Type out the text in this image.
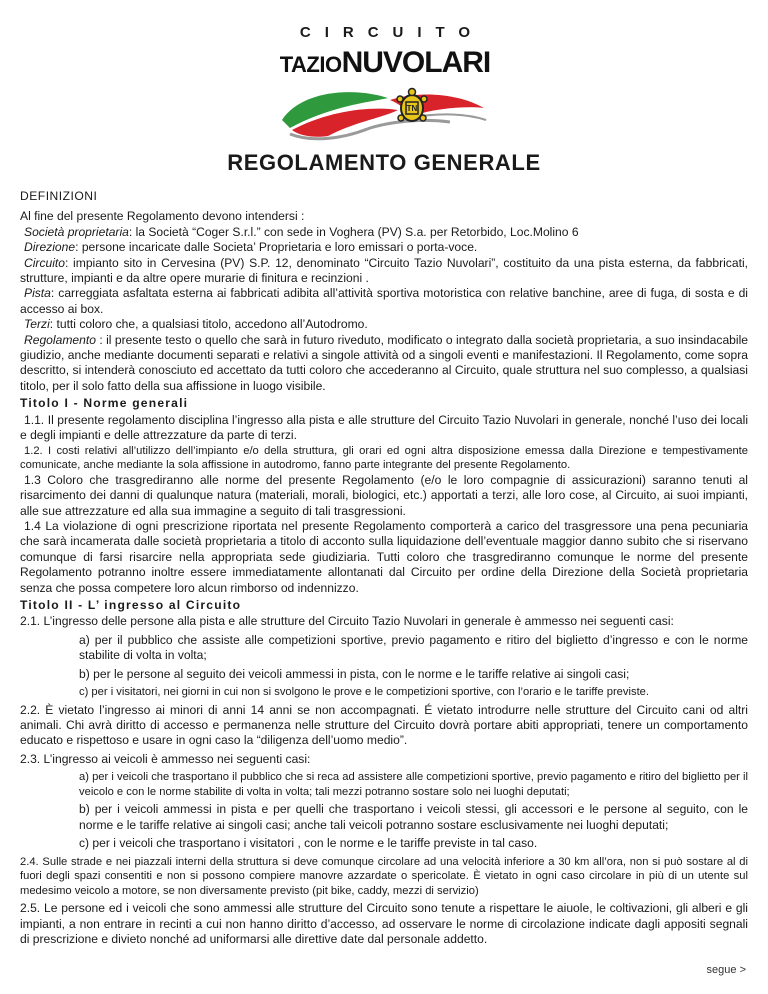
CIRCUITO
TAZIONUVOLARI
TN
REGOLAMENTO GENERALE

DEFINIZIONI

Al fine del presente Regolamento devono intendersi :

Società proprietaria: la Società “Coger S.r.l.” con sede in Voghera (PV) S.a. per Retorbido, Loc.Molino 6

Direzione: persone incaricate dalle Societa’ Proprietaria e loro emissari o porta-voce.

Circuito: impianto sito in Cervesina (PV) S.P. 12, denominato “Circuito Tazio Nuvolari”, costituito da una pista esterna, da fabbricati, strutture, impianti e da altre opere murarie di finitura e recinzioni .

Pista: carreggiata asfaltata esterna ai fabbricati adibita all’attività sportiva motoristica con relative banchine, aree di fuga, di sosta e di accesso ai box.

Terzi: tutti coloro che, a qualsiasi titolo, accedono all’Autodromo.

Regolamento : il presente testo o quello che sarà in futuro riveduto, modificato o integrato dalla società proprietaria, a suo insindacabile giudizio, anche mediante documenti separati e relativi a singole attività od a singoli eventi e manifestazioni. Il Regolamento, come sopra descritto, si intenderà conosciuto ed accettato da tutti coloro che accederanno al Circuito, quale struttura nel suo complesso, a qualsiasi titolo, per il solo fatto della sua affissione in luogo visibile.

Titolo I - Norme generali

1.1. Il presente regolamento disciplina l’ingresso alla pista e alle strutture del Circuito Tazio Nuvolari in generale, nonché l’uso dei locali e degli impianti e delle attrezzature da parte di terzi.

1.2. I costi relativi all’utilizzo dell’impianto e/o della struttura, gli orari ed ogni altra disposizione emessa dalla Direzione e tempestivamente comunicate, anche mediante la sola affissione in autodromo, fanno parte integrante del presente Regolamento.

1.3 Coloro che trasgrediranno alle norme del presente Regolamento (e/o le loro compagnie di assicurazioni) saranno tenuti al risarcimento dei danni di qualunque natura (materiali, morali, biologici, etc.) apportati a terzi, alle loro cose, al Circuito, ai suoi impianti, alle sue attrezzature ed alla sua immagine a seguito di tali trasgressioni.

1.4 La violazione di ogni prescrizione riportata nel presente Regolamento comporterà a carico del trasgressore una pena pecuniaria che sarà incamerata dalle società proprietaria a titolo di acconto sulla liquidazione dell’eventuale maggior danno subito che si riservano comunque di farsi risarcire nella appropriata sede giudiziaria. Tutti coloro che trasgrediranno comunque le norme del presente Regolamento potranno inoltre essere immediatamente allontanati dal Circuito per ordine della Direzione della Società proprietaria senza che possa competere loro alcun rimborso od indennizzo.

Titolo II - L’ ingresso al Circuito

2.1. L’ingresso delle persone alla pista e alle strutture del Circuito Tazio Nuvolari in generale è ammesso nei seguenti casi:

a) per il pubblico che assiste alle competizioni sportive, previo pagamento e ritiro del biglietto d’ingresso e con le norme stabilite di volta in volta;

b) per le persone al seguito dei veicoli ammessi in pista, con le norme e le tariffe relative ai singoli casi;

c) per i visitatori, nei giorni in cui non si svolgono le prove e le competizioni sportive, con l’orario e le tariffe previste.

2.2. È vietato l’ingresso ai minori di anni 14 anni se non accompagnati. É vietato introdurre nelle strutture del Circuito cani od altri animali. Chi avrà diritto di accesso e permanenza nelle strutture del Circuito dovrà portare abiti appropriati, tenere un comportamento educato e rispettoso e usare in ogni caso la “diligenza dell’uomo medio”.

2.3. L’ingresso ai veicoli è ammesso nei seguenti casi:

a) per i veicoli che trasportano il pubblico che si reca ad assistere alle competizioni sportive, previo pagamento e ritiro del biglietto per il veicolo e con le norme stabilite di volta in volta; tali mezzi potranno sostare solo nei luoghi deputati;

b) per i veicoli ammessi in pista e per quelli che trasportano i veicoli stessi, gli accessori e le persone al seguito, con le norme e le tariffe relative ai singoli casi; anche tali veicoli potranno sostare esclusivamente nei luoghi deputati;

c) per i veicoli che trasportano i visitatori , con le norme e le tariffe previste in tal caso.

2.4. Sulle strade e nei piazzali interni della struttura si deve comunque circolare ad una velocità inferiore a 30 km all’ora, non si può sostare al di fuori degli spazi consentiti e non si possono compiere manovre azzardate o spericolate. È vietato in ogni caso circolare in più di un utente sul medesimo veicolo a motore, se non diversamente previsto (pit bike, caddy, mezzi di servizio)

2.5. Le persone ed i veicoli che sono ammessi alle strutture del Circuito sono tenute a rispettare le aiuole, le coltivazioni, gli alberi e gli impianti, a non entrare in recinti a cui non hanno diritto d’accesso, ad osservare le norme di circolazione indicate dagli appositi segnali di prescrizione e divieto nonché ad uniformarsi alle direttive date dal personale addetto.

segue >
